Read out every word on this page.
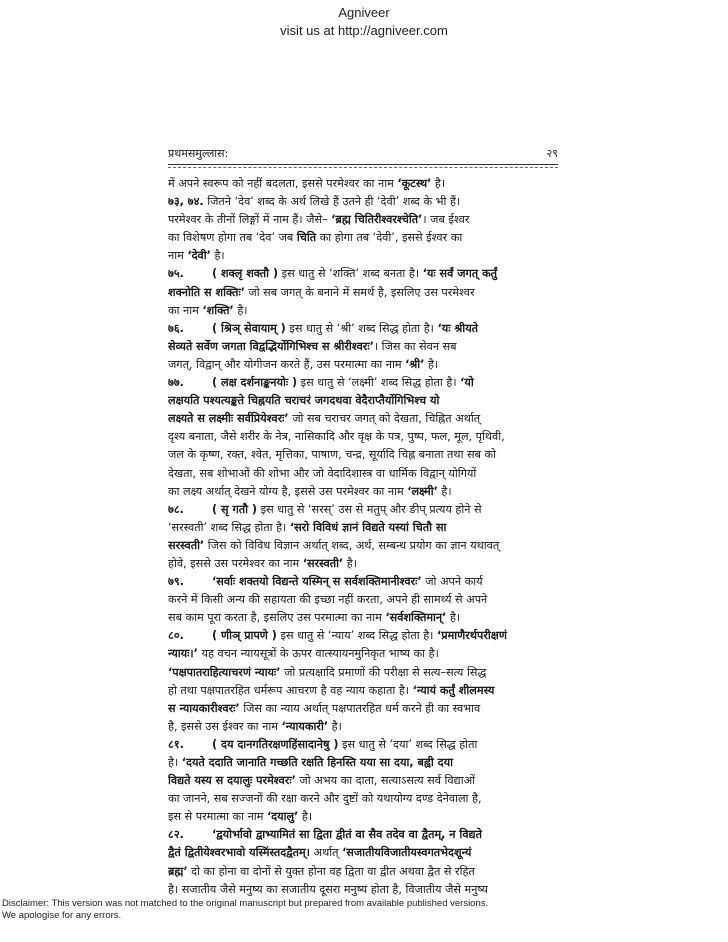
Agniveer
visit us at http://agniveer.com
प्रथमसमुल्लास:	२९
में अपने स्वरूप को नहीं बदलता, इससे परमेश्वर का नाम ‘कूटस्थ’ है।
७३, ७४. जितने ‘देव’ शब्द के अर्थ लिखे हैं उतने ही ‘देवी’ शब्द के भी हैं।
परमेश्वर के तीनों लिङ्गों में नाम हैं। जैसे– ‘ब्रह्म चितिरीश्वरश्चेति’। जब ईश्वर
का विशेषण होगा तब ‘देव’ जब चिति का होगा तब ‘देवी’, इससे ईश्वर का
नाम ‘देवी’ है।
७५.	( शक्लृ शक्तौ ) इस धातु से ‘शक्ति’ शब्द बनता है। ‘यः सर्वं जगत् कर्तुं
शक्नोति स शक्तिः’ जो सब जगत् के बनाने में समर्थ है, इसलिए उस परमेश्वर
का नाम ‘शक्ति’ है।
७६.	( श्रिञ् सेवायाम् ) इस धातु से ‘श्री’ शब्द सिद्ध होता है। ‘यः श्रीयते
सेव्यते सर्वेण जगता विद्वद्भिर्योगिभिश्च स श्रीरीश्वरः’। जिस का सेवन सब
जगत्, विद्वान् और योगीजन करते हैं, उस परमात्मा का नाम ‘श्री’ है।
७७.	( लक्ष दर्शनाङ्कनयोः ) इस धातु से ‘लक्ष्मी’ शब्द सिद्ध होता है। ‘यो
लक्षयति पश्यत्यङ्कते चिह्नयति चराचरं जगदथवा वेदैराप्तैर्योगिभिश्च यो
लक्ष्यते स लक्ष्मीः सर्वप्रियेश्वरः’ जो सब चराचर जगत् को देखता, चिह्नित अर्थात्
दृश्य बनाता, जैसे शरीर के नेत्र, नासिकादि और वृक्ष के पत्र, पुष्प, फल, मूल, पृथिवी,
जल के कृष्ण, रक्त, श्वेत, मृत्तिका, पाषाण, चन्द्र, सूर्यादि चिह्न बनाता तथा सब को
देखता, सब शोभाओं की शोभा और जो वेदादिशास्त्र वा धार्मिक विद्वान् योगियों
का लक्ष्य अर्थात् देखने योग्य है, इससे उस परमेश्वर का नाम ‘लक्ष्मी’ है।
७८.	( सृ गतौ ) इस धातु से ‘सरस्’ उस से मतुप् और ङीप् प्रत्यय होने से
‘सरस्वती’ शब्द सिद्ध होता है। ‘सरो विविधं ज्ञानं विद्यते यस्यां चितौ सा
सरस्वती’ जिस को विविध विज्ञान अर्थात् शब्द, अर्थ, सम्बन्ध प्रयोग का ज्ञान यथावत्
होवे, इससे उस परमेश्वर का नाम ‘सरस्वती’ है।
७९.	‘सर्वाः शक्तयो विद्यन्ते यस्मिन् स सर्वशक्तिमानीश्वरः’ जो अपने कार्य
करने में किसी अन्य की सहायता की इच्छा नहीं करता, अपने ही सामर्थ्य से अपने
सब काम पूरा करता है, इसलिए उस परमात्मा का नाम ‘सर्वशक्तिमान्’ है।
८०.	( णीञ् प्रापणे ) इस धातु से ‘न्याय’ शब्द सिद्ध होता है। ‘प्रमाणैरर्थपरीक्षणं
न्यायः।’ यह वचन न्यायसूत्रों के ऊपर वात्स्यायनमुनिकृत भाष्य का है।
‘पक्षपातराहित्याचरणं न्यायः’ जो प्रत्यक्षादि प्रमाणों की परीक्षा से सत्य–सत्य सिद्ध
हो तथा पक्षपातरहित धर्मरूप आचरण है वह न्याय कहाता है। ‘न्यायं कर्तुं शीलमस्य
स न्यायकारीश्वरः’ जिस का न्याय अर्थात् पक्षपातरहित धर्म करने ही का स्वभाव
है, इससे उस ईश्वर का नाम ‘न्यायकारी’ है।
८१.	( दय दानगतिरक्षणहिंसादानेषु ) इस धातु से ‘दया’ शब्द सिद्ध होता
है। ‘दयते ददाति जानाति गच्छति रक्षति हिनस्ति यया सा दया, बह्वी दया
विद्यते यस्य स दयालुः परमेश्वरः’ जो अभय का दाता, सत्याऽसत्य सर्व विद्याओं
का जानने, सब सज्जनों की रक्षा करने और दुष्टों को यथायोग्य दण्ड देनेवाला है,
इस से परमात्मा का नाम ‘दयालु’ है।
८२.	‘द्वयोर्भावो द्वाभ्यामितं सा द्विता द्वीतं वा सैव तदेव वा द्वैतम्, न विद्यते
द्वैतं द्वितीयेश्वरभावो यस्मिंस्तदद्वैतम्। अर्थात् ‘सजातीयविजातीयस्वगतभेदशून्यं
ब्रह्म’ दो का होना वा दोनों से युक्त होना वह द्विता वा द्वीत अथवा द्वैत से रहित
है। सजातीय जैसे मनुष्य का सजातीय दूसरा मनुष्य होता है, विजातीय जैसे मनुष्य
Disclaimer: This version was not matched to the original manuscript but prepared from available published versions.
We apologise for any errors.
